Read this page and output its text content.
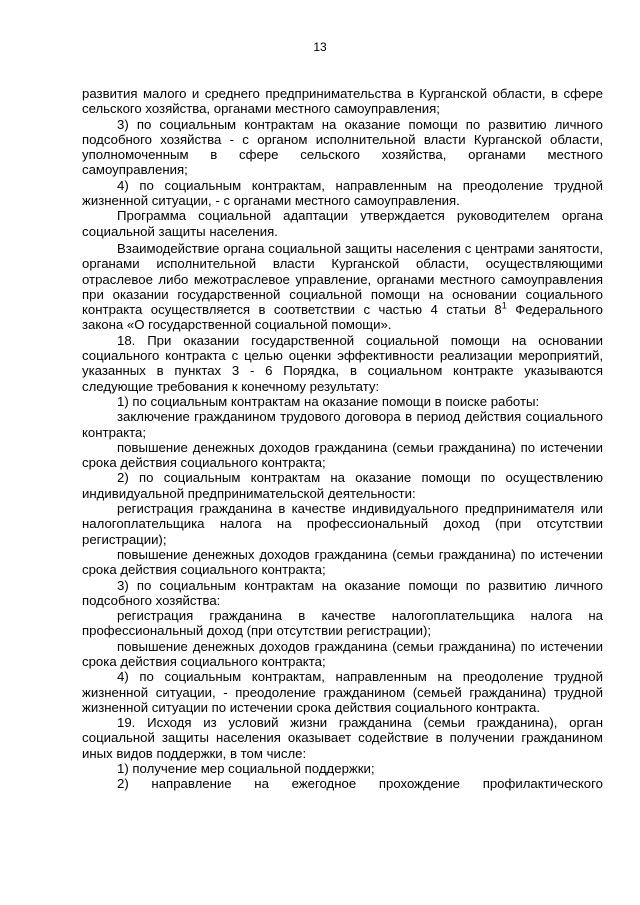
13

развития малого и среднего предпринимательства в Курганской области, в сфере сельского хозяйства, органами местного самоуправления;

3) по социальным контрактам на оказание помощи по развитию личного подсобного хозяйства - с органом исполнительной власти Курганской области, уполномоченным в сфере сельского хозяйства, органами местного самоуправления;

4) по социальным контрактам, направленным на преодоление трудной жизненной ситуации, - с органами местного самоуправления.

Программа социальной адаптации утверждается руководителем органа социальной защиты населения.

Взаимодействие органа социальной защиты населения с центрами занятости, органами исполнительной власти Курганской области, осуществляющими отраслевое либо межотраслевое управление, органами местного самоуправления при оказании государственной социальной помощи на основании социального контракта осуществляется в соответствии с частью 4 статьи $8^1$ Федерального закона «О государственной социальной помощи».

18. При оказании государственной социальной помощи на основании социального контракта с целью оценки эффективности реализации мероприятий, указанных в пунктах 3 - 6 Порядка, в социальном контракте указываются следующие требования к конечному результату:

1) по социальным контрактам на оказание помощи в поиске работы:

заключение гражданином трудового договора в период действия социального контракта;

повышение денежных доходов гражданина (семьи гражданина) по истечении срока действия социального контракта;

2) по социальным контрактам на оказание помощи по осуществлению индивидуальной предпринимательской деятельности:

регистрация гражданина в качестве индивидуального предпринимателя или налогоплательщика налога на профессиональный доход (при отсутствии регистрации);

повышение денежных доходов гражданина (семьи гражданина) по истечении срока действия социального контракта;

3) по социальным контрактам на оказание помощи по развитию личного подсобного хозяйства:

регистрация гражданина в качестве налогоплательщика налога на профессиональный доход (при отсутствии регистрации);

повышение денежных доходов гражданина (семьи гражданина) по истечении срока действия социального контракта;

4) по социальным контрактам, направленным на преодоление трудной жизненной ситуации, - преодоление гражданином (семьей гражданина) трудной жизненной ситуации по истечении срока действия социального контракта.

19. Исходя из условий жизни гражданина (семьи гражданина), орган социальной защиты населения оказывает содействие в получении гражданином иных видов поддержки, в том числе:

1) получение мер социальной поддержки;

2) направление на ежегодное прохождение профилактического
